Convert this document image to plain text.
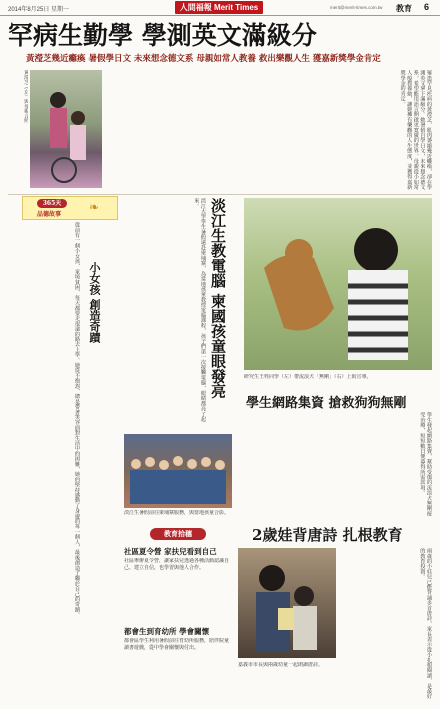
2014年8月25日 星期一	人間福報 Merit Times	merit@merit-times.com.tw 教育 6
罕病生勤學 學測英文滿級分
黃瀅芝幾近癱瘓 暑假學日文 未來想念德文系 母親如常人教養 救出樂觀人生 獲嘉新獎學金肯定
黃瀅芝（左）與母親合照	罹患罕見疾病的黃瀅芝，肌肉萎縮幾近癱瘓，卻在學測英文拿下滿級分。她暑假自學日文，未來想念德文系，希望能用語言開啟更寬廣的世界。母親從小如常人般教養她，讓她擁有樂觀的人生態度，並獲得嘉新獎學金的肯定。
365天
品德故事
❧
小女孩 創造奇蹟
從前有一個小女孩，家境貧困，每天都要走很遠的路去上學。她從不抱怨，總是帶著笑容面對生活中的困難，她的堅持感動了身邊的每一個人，最後創造了屬於自己的奇蹟。	淡江生教電腦 柬國孩童眼發亮
淡江大學學生暑假遠赴柬埔寨，為當地孩童教授電腦課程，孩子們第一次接觸電腦，眼睛都亮了起來。
淡江生暑假前往柬埔寨服務，與當地孩童合影。
教育拾穗
社區夏令營 家扶兒看到自己
社區舉辦夏令營，讓家扶兒透過各種活動認識自己、建立自信，也學習與他人合作。
都會生到育幼所 學會關懷
都會區學生利用暑假前往育幼所服務，陪伴院童讀書遊戲，從中學會關懷與付出。
研究生王姓同學（左）帶流浪犬「無剛」（右）上街宣導。
學生網路集資 搶救狗狗無剛
學生發起網路集資，幫助受傷的流浪犬無剛接受治療，短短數日便募得所需款項。
2歲娃背唐詩 扎根教育
嘉義市市長與兩歲幼童一起朗讀唐詩。	兩歲的小娃兒已能背誦多首唐詩，家長表示從小扎根閱讀，是最好的教育投資。
